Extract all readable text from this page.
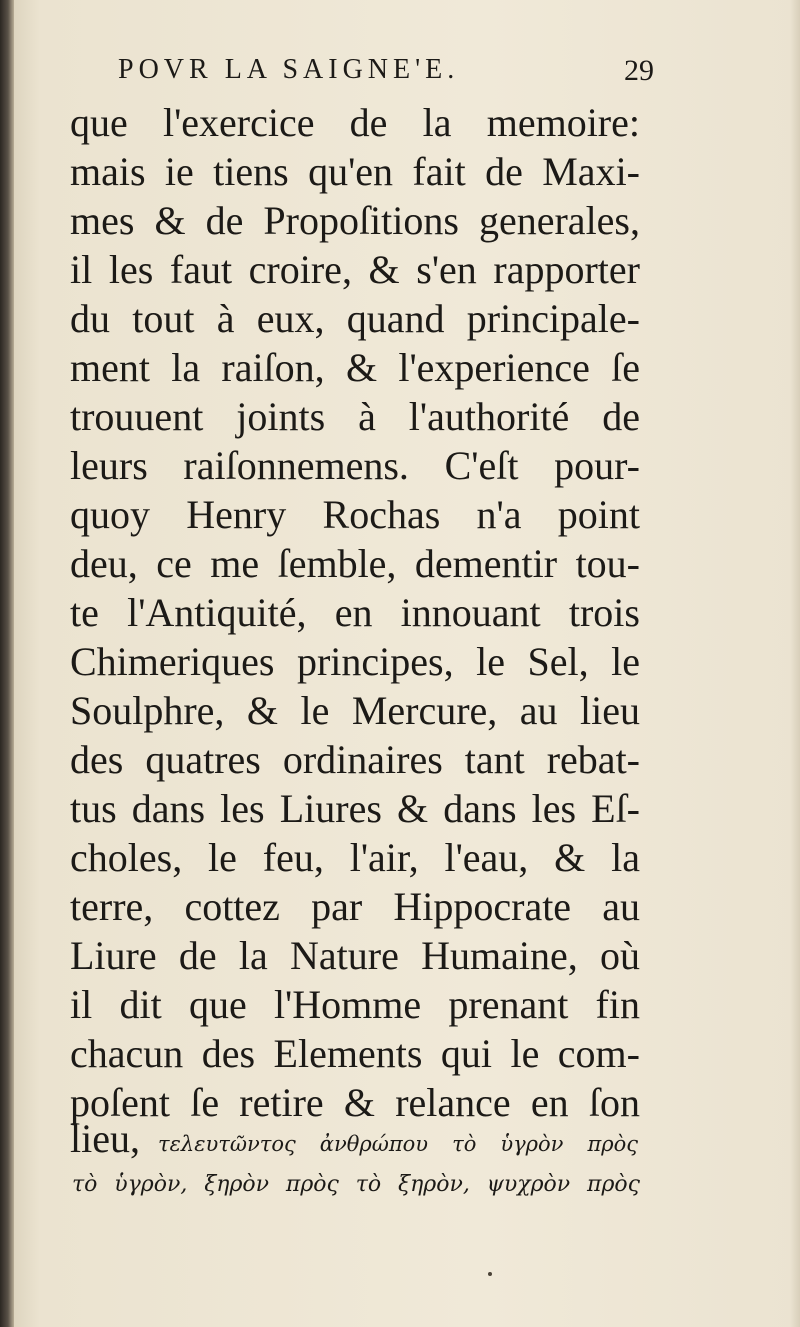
POVR LA SAIGNE'E.	29
que l'exercice de la memoire:
mais ie tiens qu'en fait de Maxi-
mes & de Propoſitions generales,
il les faut croire, & s'en rapporter
du tout à eux, quand principale-
ment la raiſon, & l'experience ſe
trouuent joints à l'authorité de
leurs raiſonnemens. C'eſt pour-
quoy Henry Rochas n'a point
deu, ce me ſemble, dementir tou-
te l'Antiquité, en innouant trois
Chimeriques principes, le Sel, le
Soulphre, & le Mercure, au lieu
des quatres ordinaires tant rebat-
tus dans les Liures & dans les Eſ-
choles, le feu, l'air, l'eau, & la
terre, cottez par Hippocrate au
Liure de la Nature Humaine, où
il dit que l'Homme prenant fin
chacun des Elements qui le com-
poſent ſe retire & relance en ſon
lieu, τελευτῶντος ἀνθρώπου τὸ ὑγρὸν πρὸς
τὸ ὑγρὸν, ξηρὸν πρὸς τὸ ξηρὸν, ψυχρὸν πρὸς
